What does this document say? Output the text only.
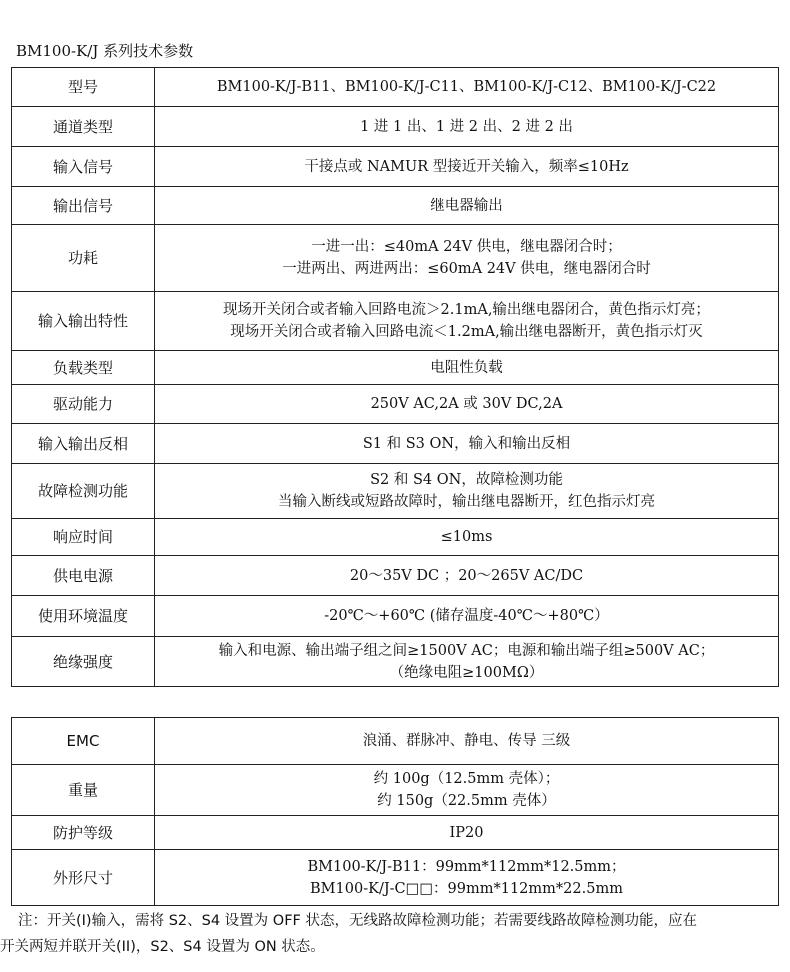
BM100-K/J 系列技术参数
型号	BM100-K/J-B11、BM100-K/J-C11、BM100-K/J-C12、BM100-K/J-C22

通道类型	1 进 1 出、1 进 2 出、2 进 2 出

输入信号	干接点或 NAMUR 型接近开关输入，频率≤10Hz

输出信号	继电器输出

功耗	一进一出：≤40mA 24V 供电，继电器闭合时；
一进两出、两进两出：≤60mA 24V 供电，继电器闭合时

输入输出特性	现场开关闭合或者输入回路电流＞2.1mA,输出继电器闭合，黄色指示灯亮；
现场开关闭合或者输入回路电流＜1.2mA,输出继电器断开，黄色指示灯灭

负载类型	电阻性负载

驱动能力	250V AC,2A 或 30V DC,2A

输入输出反相	S1 和 S3 ON，输入和输出反相

故障检测功能	S2 和 S4 ON，故障检测功能
当输入断线或短路故障时，输出继电器断开，红色指示灯亮

响应时间	≤10ms

供电电源	20～35V DC ；20～265V AC/DC

使用环境温度	-20℃～+60℃ (储存温度-40℃～+80℃）

绝缘强度	输入和电源、输出端子组之间≥1500V AC；电源和输出端子组≥500V AC；
（绝缘电阻≥100MΩ）
EMC	浪涌、群脉冲、静电、传导 三级

重量	约 100g（12.5mm 壳体）；
约 150g（22.5mm 壳体）

防护等级	IP20

外形尺寸	BM100-K/J-B11：99mm*112mm*12.5mm；
BM100-K/J-C□□：99mm*112mm*22.5mm
注：开关(I)输入，需将 S2、S4 设置为 OFF 状态，无线路故障检测功能；若需要线路故障检测功能，应在
开关两短并联开关(II)，S2、S4 设置为 ON 状态。
